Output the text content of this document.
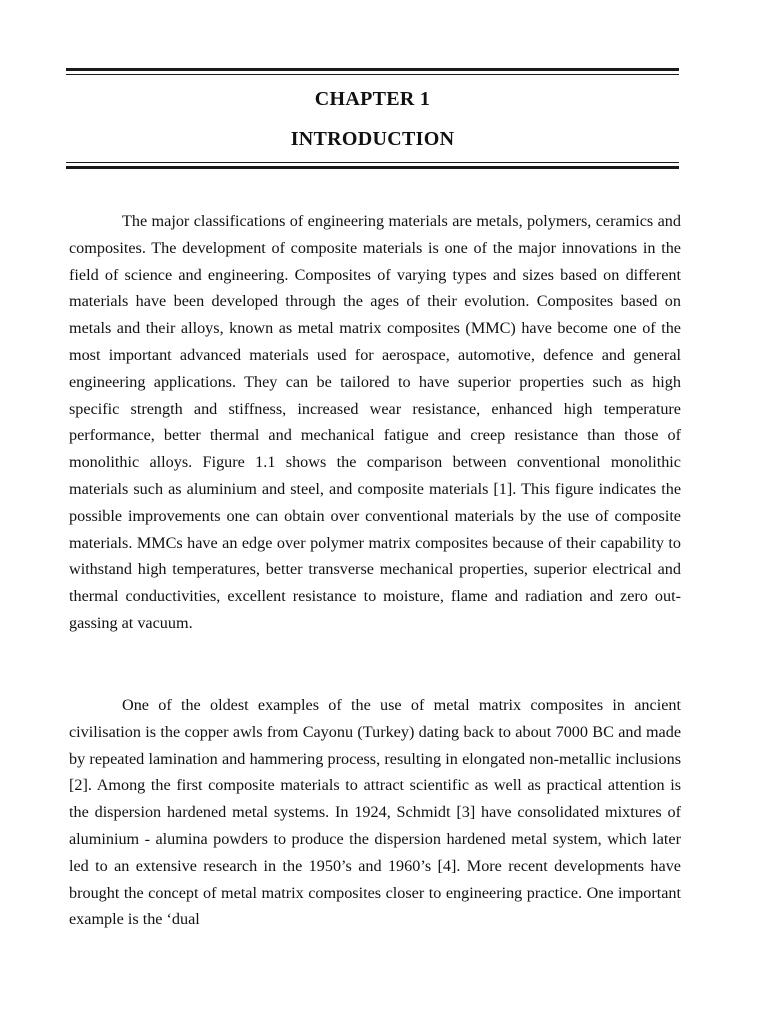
CHAPTER 1
INTRODUCTION

The major classifications of engineering materials are metals, polymers, ceramics and composites. The development of composite materials is one of the major innovations in the field of science and engineering. Composites of varying types and sizes based on different materials have been developed through the ages of their evolution. Composites based on metals and their alloys, known as metal matrix composites (MMC) have become one of the most important advanced materials used for aerospace, automotive, defence and general engineering applications. They can be tailored to have superior properties such as high specific strength and stiffness, increased wear resistance, enhanced high temperature performance, better thermal and mechanical fatigue and creep resistance than those of monolithic alloys. Figure 1.1 shows the comparison between conventional monolithic materials such as aluminium and steel, and composite materials [1]. This figure indicates the possible improvements one can obtain over conventional materials by the use of composite materials. MMCs have an edge over polymer matrix composites because of their capability to withstand high temperatures, better transverse mechanical properties, superior electrical and thermal conductivities, excellent resistance to moisture, flame and radiation and zero out-gassing at vacuum.

One of the oldest examples of the use of metal matrix composites in ancient civilisation is the copper awls from Cayonu (Turkey) dating back to about 7000 BC and made by repeated lamination and hammering process, resulting in elongated non-metallic inclusions [2]. Among the first composite materials to attract scientific as well as practical attention is the dispersion hardened metal systems. In 1924, Schmidt [3] have consolidated mixtures of aluminium - alumina powders to produce the dispersion hardened metal system, which later led to an extensive research in the 1950’s and 1960’s [4]. More recent developments have brought the concept of metal matrix composites closer to engineering practice. One important example is the ‘dual
